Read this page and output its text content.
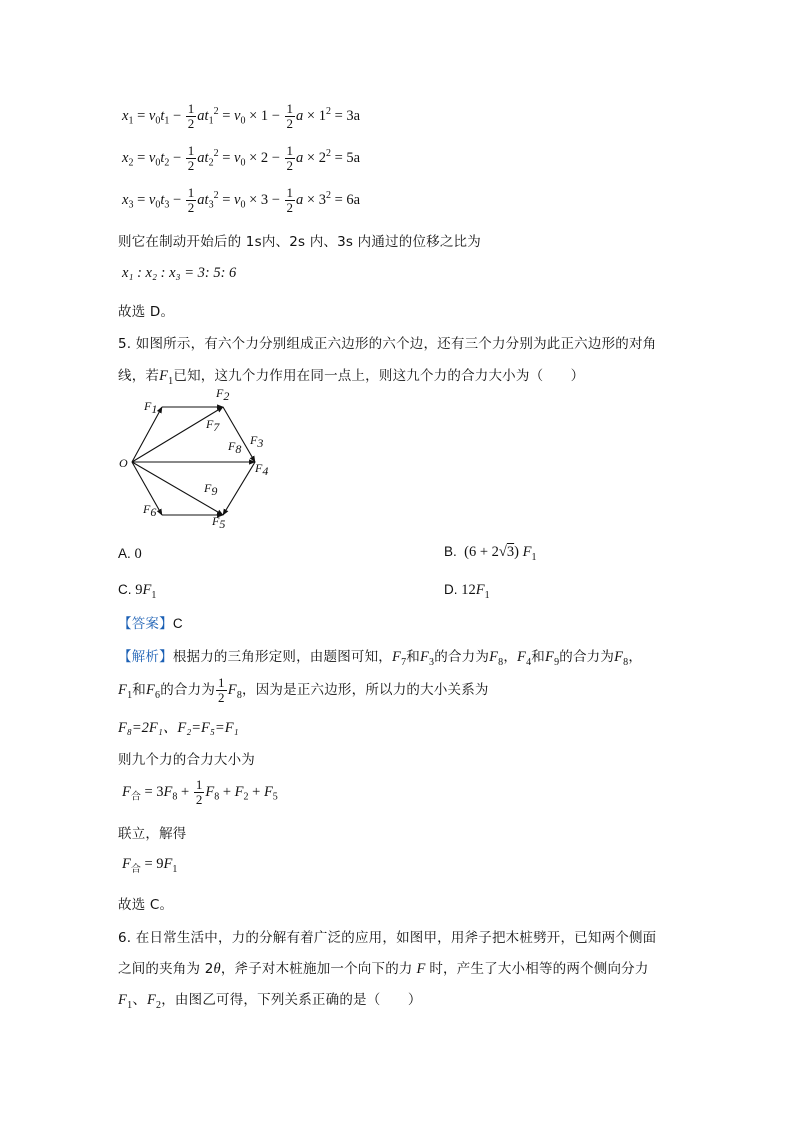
$x_1 = v_0t_1 - \frac{1}{2} at_1^2 = v_0 \times 1 - \frac{1}{2}$ $a \times 1^2 = 3a$
$x_2 = v_0t_2 - \frac{1}{2} at_2^2 = v_0 \times 2 - \frac{1}{2}$ $a \times 2^2 = 5a$
$x_3 = v_0t_3 - \frac{1}{2} at_3^2 = v_0 \times 3 - \frac{1}{2}$ $a \times 3^2 = 6a$
则它在制动开始后的 1s内、2s 内、3s 内通过的位移之比为
x₁ : x₂ : x₃ = 3: 5: 6
故选 D。
5. 如图所示，有六个力分别组成正六边形的六个边，还有三个力分别为此正六边形的对角
线，若$F_1$已知，这九个力作用在同一点上，则这九个力的合力大小为（　　）
O
F1
F2
F7
F8
F3
F4
F9
F6
F5
A. 0	B.  (6 + 2√3) $F_1$
C. $9F_1$	D. $12F_1$
【答案】C
【解析】根据力的三角形定则，由题图可知，$F_7$和$F_3$的合力为$F_8$，$F_4$和$F_9$的合力为$F_8$，
$F_1$和$F_6$的合力为 $\frac{1}{2} F_8$，因为是正六边形，所以力的大小关系为
F₈=2F₁、F₂=F₅=F₁
则九个力的合力大小为
$F_合 = 3F_8 + \frac{1}{2} F_8 + F_2 + F_5$
联立，解得
$F_合 = 9F_1$
故选 C。
6. 在日常生活中，力的分解有着广泛的应用，如图甲，用斧子把木桩劈开，已知两个侧面
之间的夹角为 2θ，斧子对木桩施加一个向下的力 F 时，产生了大小相等的两个侧向分力
$F_1$、$F_2$，由图乙可得，下列关系正确的是（　　）
